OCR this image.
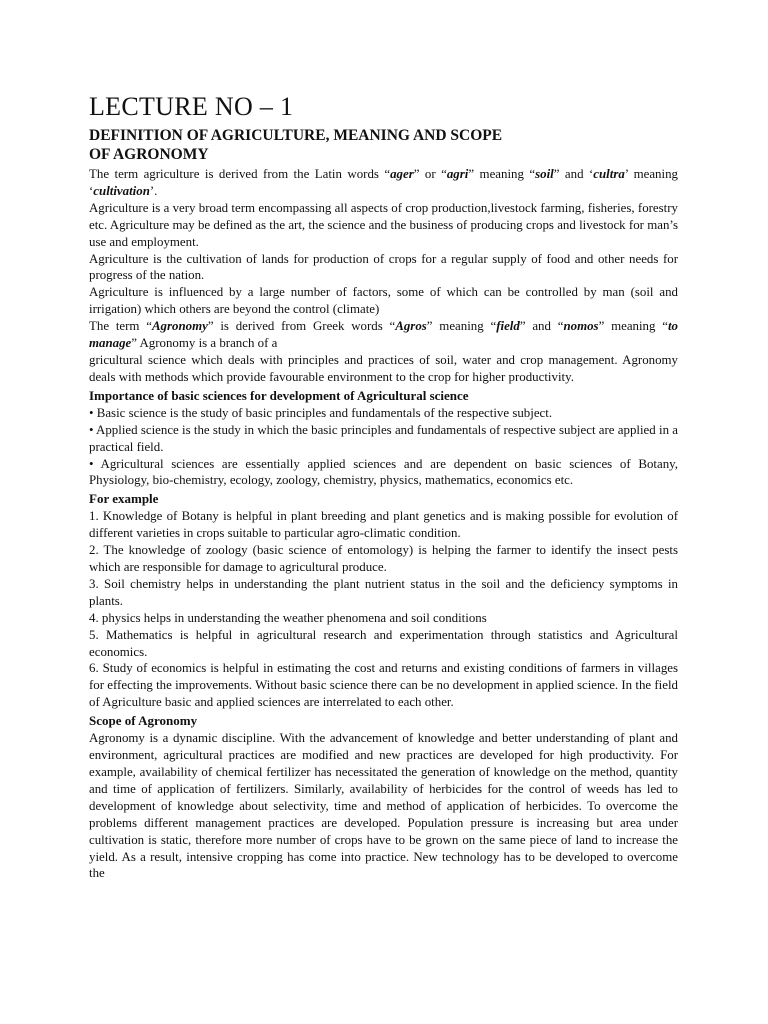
LECTURE NO – 1
DEFINITION OF AGRICULTURE, MEANING AND SCOPE
OF AGRONOMY

The term agriculture is derived from the Latin words “ager” or “agri” meaning “soil” and ‘cultra’ meaning ‘cultivation’.

Agriculture is a very broad term encompassing all aspects of crop production,livestock farming, fisheries, forestry etc. Agriculture may be defined as the art, the science and the business of producing crops and livestock for man’s use and employment.

Agriculture is the cultivation of lands for production of crops for a regular supply of food and other needs for progress of the nation.

Agriculture is influenced by a large number of factors, some of which can be controlled by man (soil and irrigation) which others are beyond the control (climate)

The term “Agronomy” is derived from Greek words “Agros” meaning “field” and “nomos” meaning “to manage” Agronomy is a branch of a

gricultural science which deals with principles and practices of soil, water and crop management. Agronomy deals with methods which provide favourable environment to the crop for higher productivity.

Importance of basic sciences for development of Agricultural science

• Basic science is the study of basic principles and fundamentals of the respective subject.

• Applied science is the study in which the basic principles and fundamentals of respective subject are applied in a practical field.

• Agricultural sciences are essentially applied sciences and are dependent on basic sciences of Botany, Physiology, bio-chemistry, ecology, zoology, chemistry, physics, mathematics, economics etc.

For example

1. Knowledge of Botany is helpful in plant breeding and plant genetics and is making possible for evolution of different varieties in crops suitable to particular agro-climatic condition.

2. The knowledge of zoology (basic science of entomology) is helping the farmer to identify the insect pests which are responsible for damage to agricultural produce.

3. Soil chemistry helps in understanding the plant nutrient status in the soil and the deficiency symptoms in plants.

4. physics helps in understanding the weather phenomena and soil conditions

5. Mathematics is helpful in agricultural research and experimentation through statistics and Agricultural economics.

6. Study of economics is helpful in estimating the cost and returns and existing conditions of farmers in villages for effecting the improvements. Without basic science there can be no development in applied science. In the field of Agriculture basic and applied sciences are interrelated to each other.

Scope of Agronomy

Agronomy is a dynamic discipline. With the advancement of knowledge and better understanding of plant and environment, agricultural practices are modified and new practices are developed for high productivity. For example, availability of chemical fertilizer has necessitated the generation of knowledge on the method, quantity and time of application of fertilizers. Similarly, availability of herbicides for the control of weeds has led to development of knowledge about selectivity, time and method of application of herbicides. To overcome the problems different management practices are developed. Population pressure is increasing but area under cultivation is static, therefore more number of crops have to be grown on the same piece of land to increase the yield. As a result, intensive cropping has come into practice. New technology has to be developed to overcome the
